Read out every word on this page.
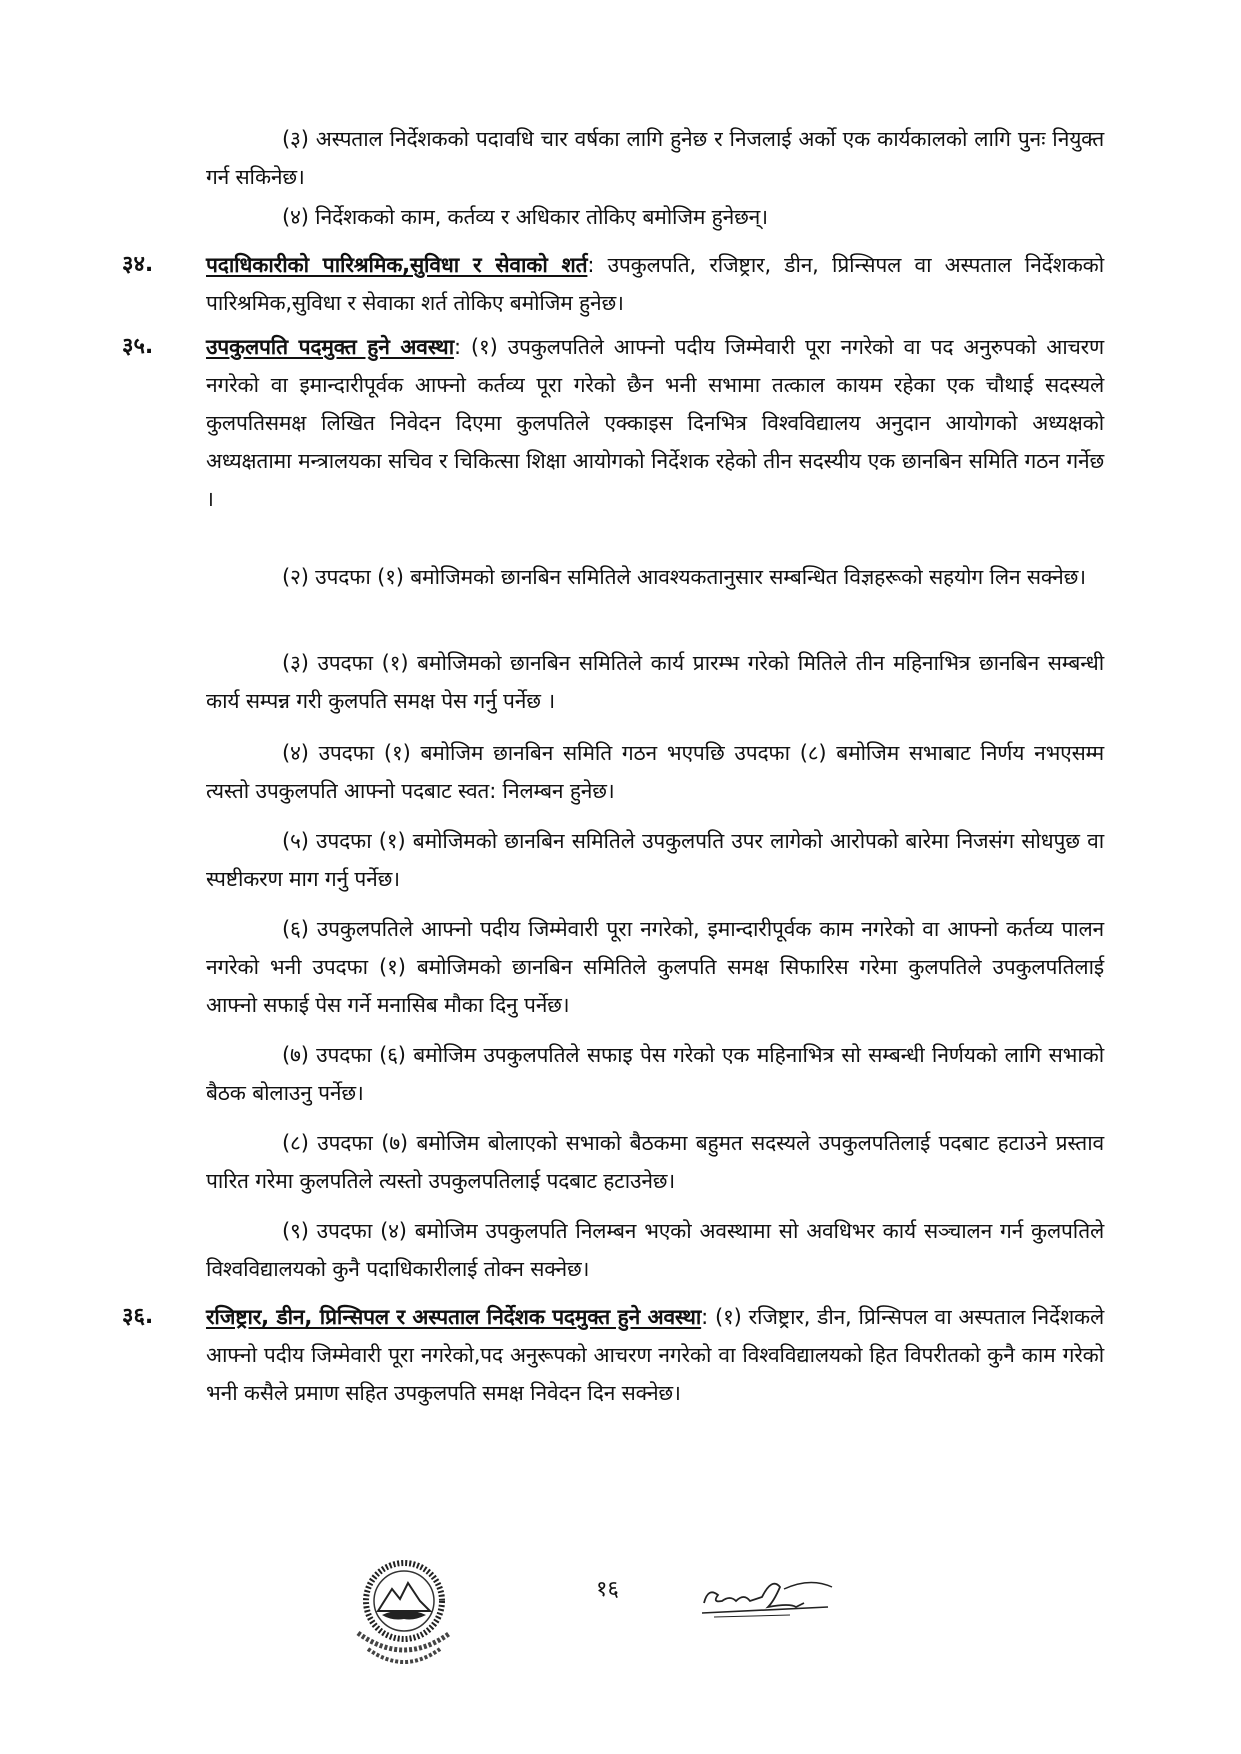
(३) अस्पताल निर्देशकको पदावधि चार वर्षका लागि हुनेछ र निजलाई अर्को एक कार्यकालको लागि पुनः नियुक्त गर्न सकिनेछ।
(४) निर्देशकको काम, कर्तव्य र अधिकार तोकिए बमोजिम हुनेछन्।
३४.	पदाधिकारीको पारिश्रमिक,सुविधा र सेवाको शर्त: उपकुलपति, रजिष्ट्रार, डीन, प्रिन्सिपल वा अस्पताल निर्देशकको पारिश्रमिक,सुविधा र सेवाका शर्त तोकिए बमोजिम हुनेछ।
३५.	उपकुलपति पदमुक्त हुने अवस्था: (१) उपकुलपतिले आफ्नो पदीय जिम्मेवारी पूरा नगरेको वा पद अनुरुपको आचरण नगरेको वा इमान्दारीपूर्वक आफ्नो कर्तव्य पूरा गरेको छैन भनी सभामा तत्काल कायम रहेका एक चौथाई सदस्यले कुलपतिसमक्ष लिखित निवेदन दिएमा कुलपतिले एक्काइस दिनभित्र विश्वविद्यालय अनुदान आयोगको अध्यक्षको अध्यक्षतामा मन्त्रालयका सचिव र चिकित्सा शिक्षा आयोगको निर्देशक रहेको तीन सदस्यीय एक छानबिन समिति गठन गर्नेछ ।
(२) उपदफा (१) बमोजिमको छानबिन समितिले आवश्यकतानुसार सम्बन्धित विज्ञहरूको सहयोग लिन सक्नेछ।
(३) उपदफा (१) बमोजिमको छानबिन समितिले कार्य प्रारम्भ गरेको मितिले तीन महिनाभित्र छानबिन सम्बन्धी कार्य सम्पन्न गरी कुलपति समक्ष पेस गर्नु पर्नेछ ।
(४) उपदफा (१) बमोजिम छानबिन समिति गठन भएपछि उपदफा (८) बमोजिम सभाबाट निर्णय नभएसम्म त्यस्तो उपकुलपति आफ्नो पदबाट स्वत: निलम्बन हुनेछ।
(५) उपदफा (१) बमोजिमको छानबिन समितिले उपकुलपति उपर लागेको आरोपको बारेमा निजसंग सोधपुछ वा स्पष्टीकरण माग गर्नु पर्नेछ।
(६) उपकुलपतिले आफ्नो पदीय जिम्मेवारी पूरा नगरेको, इमान्दारीपूर्वक काम नगरेको वा आफ्नो कर्तव्य पालन नगरेको भनी उपदफा (१) बमोजिमको छानबिन समितिले कुलपति समक्ष सिफारिस गरेमा कुलपतिले उपकुलपतिलाई आफ्नो सफाई पेस गर्ने मनासिब मौका दिनु पर्नेछ।
(७) उपदफा (६) बमोजिम उपकुलपतिले सफाइ पेस गरेको एक महिनाभित्र सो सम्बन्धी निर्णयको लागि सभाको बैठक बोलाउनु पर्नेछ।
(८) उपदफा (७) बमोजिम बोलाएको सभाको बैठकमा बहुमत सदस्यले उपकुलपतिलाई पदबाट हटाउने प्रस्ताव पारित गरेमा कुलपतिले त्यस्तो उपकुलपतिलाई पदबाट हटाउनेछ।
(९) उपदफा (४) बमोजिम उपकुलपति निलम्बन भएको अवस्थामा सो अवधिभर कार्य सञ्चालन गर्न कुलपतिले विश्वविद्यालयको कुनै पदाधिकारीलाई तोक्न सक्नेछ।
३६.	रजिष्ट्रार, डीन, प्रिन्सिपल र अस्पताल निर्देशक पदमुक्त हुने अवस्था: (१) रजिष्ट्रार, डीन, प्रिन्सिपल वा अस्पताल निर्देशकले आफ्नो पदीय जिम्मेवारी पूरा नगरेको,पद अनुरूपको आचरण नगरेको वा विश्वविद्यालयको हित विपरीतको कुनै काम गरेको भनी कसैले प्रमाण सहित उपकुलपति समक्ष निवेदन दिन सक्नेछ।
१६
